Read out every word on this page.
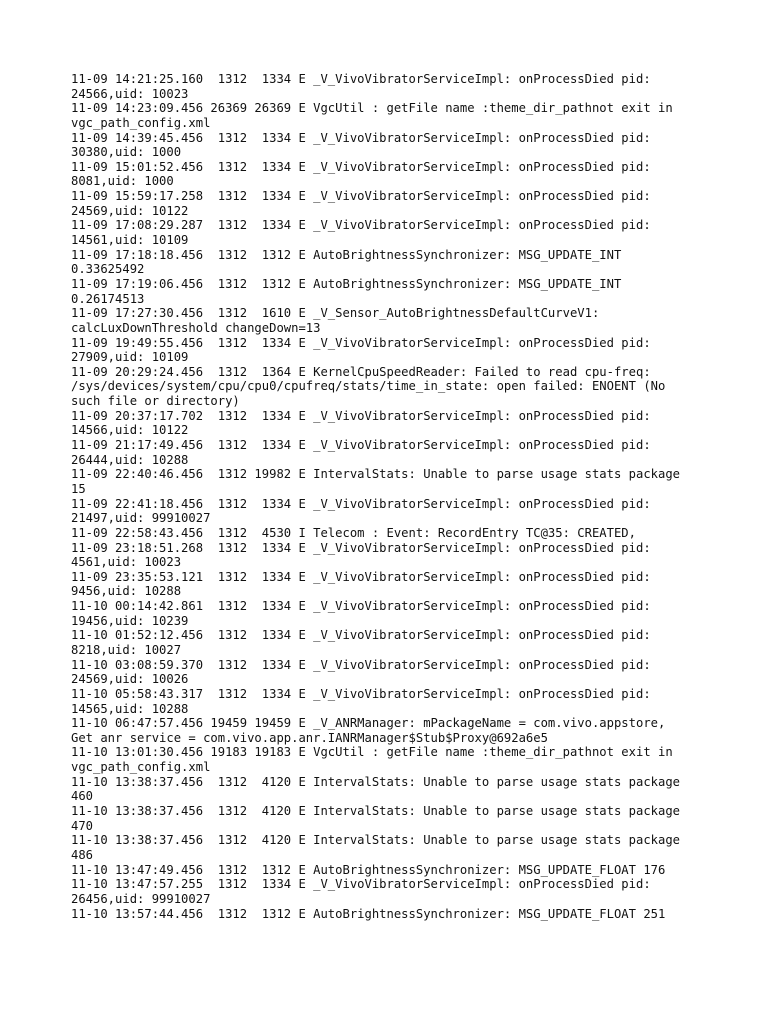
11-09 14:21:25.160  1312  1334 E _V_VivoVibratorServiceImpl: onProcessDied pid:
24566,uid: 10023
11-09 14:23:09.456 26369 26369 E VgcUtil : getFile name :theme_dir_pathnot exit in
vgc_path_config.xml
11-09 14:39:45.456  1312  1334 E _V_VivoVibratorServiceImpl: onProcessDied pid:
30380,uid: 1000
11-09 15:01:52.456  1312  1334 E _V_VivoVibratorServiceImpl: onProcessDied pid:
8081,uid: 1000
11-09 15:59:17.258  1312  1334 E _V_VivoVibratorServiceImpl: onProcessDied pid:
24569,uid: 10122
11-09 17:08:29.287  1312  1334 E _V_VivoVibratorServiceImpl: onProcessDied pid:
14561,uid: 10109
11-09 17:18:18.456  1312  1312 E AutoBrightnessSynchronizer: MSG_UPDATE_INT
0.33625492
11-09 17:19:06.456  1312  1312 E AutoBrightnessSynchronizer: MSG_UPDATE_INT
0.26174513
11-09 17:27:30.456  1312  1610 E _V_Sensor_AutoBrightnessDefaultCurveV1:
calcLuxDownThreshold changeDown=13
11-09 19:49:55.456  1312  1334 E _V_VivoVibratorServiceImpl: onProcessDied pid:
27909,uid: 10109
11-09 20:29:24.456  1312  1364 E KernelCpuSpeedReader: Failed to read cpu-freq:
/sys/devices/system/cpu/cpu0/cpufreq/stats/time_in_state: open failed: ENOENT (No
such file or directory)
11-09 20:37:17.702  1312  1334 E _V_VivoVibratorServiceImpl: onProcessDied pid:
14566,uid: 10122
11-09 21:17:49.456  1312  1334 E _V_VivoVibratorServiceImpl: onProcessDied pid:
26444,uid: 10288
11-09 22:40:46.456  1312 19982 E IntervalStats: Unable to parse usage stats package
15
11-09 22:41:18.456  1312  1334 E _V_VivoVibratorServiceImpl: onProcessDied pid:
21497,uid: 99910027
11-09 22:58:43.456  1312  4530 I Telecom : Event: RecordEntry TC@35: CREATED,
11-09 23:18:51.268  1312  1334 E _V_VivoVibratorServiceImpl: onProcessDied pid:
4561,uid: 10023
11-09 23:35:53.121  1312  1334 E _V_VivoVibratorServiceImpl: onProcessDied pid:
9456,uid: 10288
11-10 00:14:42.861  1312  1334 E _V_VivoVibratorServiceImpl: onProcessDied pid:
19456,uid: 10239
11-10 01:52:12.456  1312  1334 E _V_VivoVibratorServiceImpl: onProcessDied pid:
8218,uid: 10027
11-10 03:08:59.370  1312  1334 E _V_VivoVibratorServiceImpl: onProcessDied pid:
24569,uid: 10026
11-10 05:58:43.317  1312  1334 E _V_VivoVibratorServiceImpl: onProcessDied pid:
14565,uid: 10288
11-10 06:47:57.456 19459 19459 E _V_ANRManager: mPackageName = com.vivo.appstore,
Get anr service = com.vivo.app.anr.IANRManager$Stub$Proxy@692a6e5
11-10 13:01:30.456 19183 19183 E VgcUtil : getFile name :theme_dir_pathnot exit in
vgc_path_config.xml
11-10 13:38:37.456  1312  4120 E IntervalStats: Unable to parse usage stats package
460
11-10 13:38:37.456  1312  4120 E IntervalStats: Unable to parse usage stats package
470
11-10 13:38:37.456  1312  4120 E IntervalStats: Unable to parse usage stats package
486
11-10 13:47:49.456  1312  1312 E AutoBrightnessSynchronizer: MSG_UPDATE_FLOAT 176
11-10 13:47:57.255  1312  1334 E _V_VivoVibratorServiceImpl: onProcessDied pid:
26456,uid: 99910027
11-10 13:57:44.456  1312  1312 E AutoBrightnessSynchronizer: MSG_UPDATE_FLOAT 251
